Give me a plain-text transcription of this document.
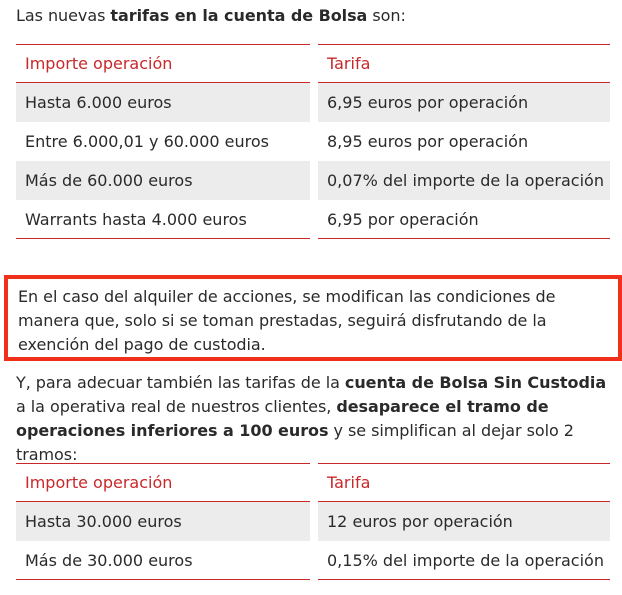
Las nuevas tarifas en la cuenta de Bolsa son:

Importe operación	Tarifa
Hasta 6.000 euros	6,95 euros por operación
Entre 6.000,01 y 60.000 euros	8,95 euros por operación
Más de 60.000 euros	0,07% del importe de la operación
Warrants hasta 4.000 euros	6,95 por operación

En el caso del alquiler de acciones, se modifican las condiciones de manera que, solo si se toman prestadas, seguirá disfrutando de la exención del pago de custodia.

Y, para adecuar también las tarifas de la cuenta de Bolsa Sin Custodia a la operativa real de nuestros clientes, desaparece el tramo de operaciones inferiores a 100 euros y se simplifican al dejar solo 2 tramos:

Importe operación	Tarifa
Hasta 30.000 euros	12 euros por operación
Más de 30.000 euros	0,15% del importe de la operación
